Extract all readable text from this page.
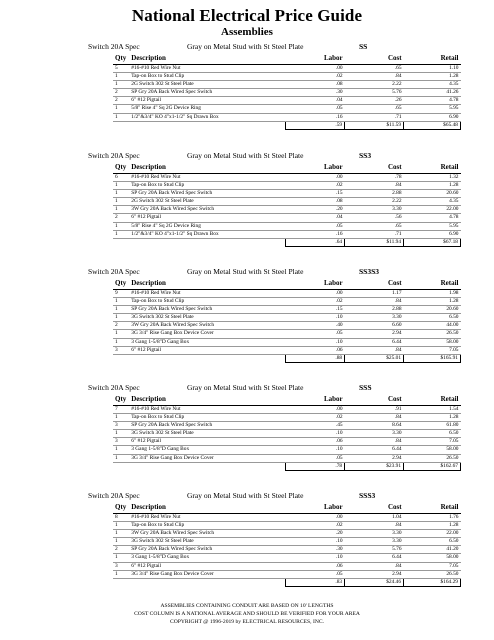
National Electrical Price Guide
Assemblies
Switch 20A Spec	Gray on Metal Stud with St Steel Plate	SS
Qty	Description	Labor	Cost	Retail
5	#16-#10 Red Wire Nut	.00	.65	1.10
1	Tap-on Box to Stud Clip	.02	.84	1.28
1	2G Switch 302 St Steel Plate	.08	2.22	4.35
2	SP Gry 20A Back Wired Spec Switch	.30	5.76	41.26
2	6" #12 Pigtail	.04	.26	4.78
1	5/8" Rise 4" Sq 2G Device Ring	.05	.65	5.95
1	1/2"&3/4" KO 4"x1-1/2" Sq Drawn Box	.16	.71	6.90
		.59	$11.59	$65.48
Switch 20A Spec	Gray on Metal Stud with St Steel Plate	SS3
Qty	Description	Labor	Cost	Retail
6	#16-#10 Red Wire Nut	.00	.78	1.32
1	Tap-on Box to Stud Clip	.02	.84	1.28
1	SP Gry 20A Back Wired Spec Switch	.15	2.88	20.60
1	2G Switch 302 St Steel Plate	.08	2.22	4.35
1	3W Gry 20A Back Wired Spec Switch	.20	3.30	22.00
2	6" #12 Pigtail	.04	.56	4.78
1	5/8" Rise 4" Sq 2G Device Ring	.05	.65	5.95
1	1/2"&3/4" KO 4"x1-1/2" Sq Drawn Box	.16	.71	6.90
		.64	$11.94	$67.18
Switch 20A Spec	Gray on Metal Stud with St Steel Plate	SS3S3
Qty	Description	Labor	Cost	Retail
9	#16-#10 Red Wire Nut	.00	1.17	1.98
1	Tap-on Box to Stud Clip	.02	.84	1.28
1	SP Gry 20A Back Wired Spec Switch	.15	2.88	20.60
1	3G Switch 302 St Steel Plate	.10	3.30	6.50
2	3W Gry 20A Back Wired Spec Switch	.40	6.60	44.00
1	3G 3/4" Rise Gang Box Device Cover	.05	2.94	26.50
1	3 Gang 1-5/8"D Gang Box	.10	6.44	58.00
3	6" #12 Pigtail	.06	.84	7.05
		.88	$25.01	$165.91
Switch 20A Spec	Gray on Metal Stud with St Steel Plate	SSS
Qty	Description	Labor	Cost	Retail
7	#16-#10 Red Wire Nut	.00	.91	1.54
1	Tap-on Box to Stud Clip	.02	.84	1.28
3	SP Gry 20A Back Wired Spec Switch	.45	8.64	61.80
1	3G Switch 302 St Steel Plate	.10	3.30	6.50
3	6" #12 Pigtail	.06	.84	7.05
1	3 Gang 1-5/8"D Gang Box	.10	6.44	58.00
1	3G 3/4" Rise Gang Box Device Cover	.05	2.94	26.50
		.78	$23.91	$162.67
Switch 20A Spec	Gray on Metal Stud with St Steel Plate	SSS3
Qty	Description	Labor	Cost	Retail
8	#16-#10 Red Wire Nut	.00	1.04	1.76
1	Tap-on Box to Stud Clip	.02	.84	1.28
1	3W Gry 20A Back Wired Spec Switch	.20	3.30	22.00
1	3G Switch 302 St Steel Plate	.10	3.30	6.50
2	SP Gry 20A Back Wired Spec Switch	.30	5.76	41.20
1	3 Gang 1-5/8"D Gang Box	.10	6.44	58.00
3	6" #12 Pigtail	.06	.84	7.05
1	3G 3/4" Rise Gang Box Device Cover	.05	2.94	26.50
		.83	$24.46	$164.29
ASSEMBLIES CONTAINING CONDUIT ARE BASED ON 10' LENGTHS
COST COLUMN IS A NATIONAL AVERAGE AND SHOULD BE VERIFIED FOR YOUR AREA
COPYRIGHT @ 1996-2019 by ELECTRICAL RESOURCES, INC.
